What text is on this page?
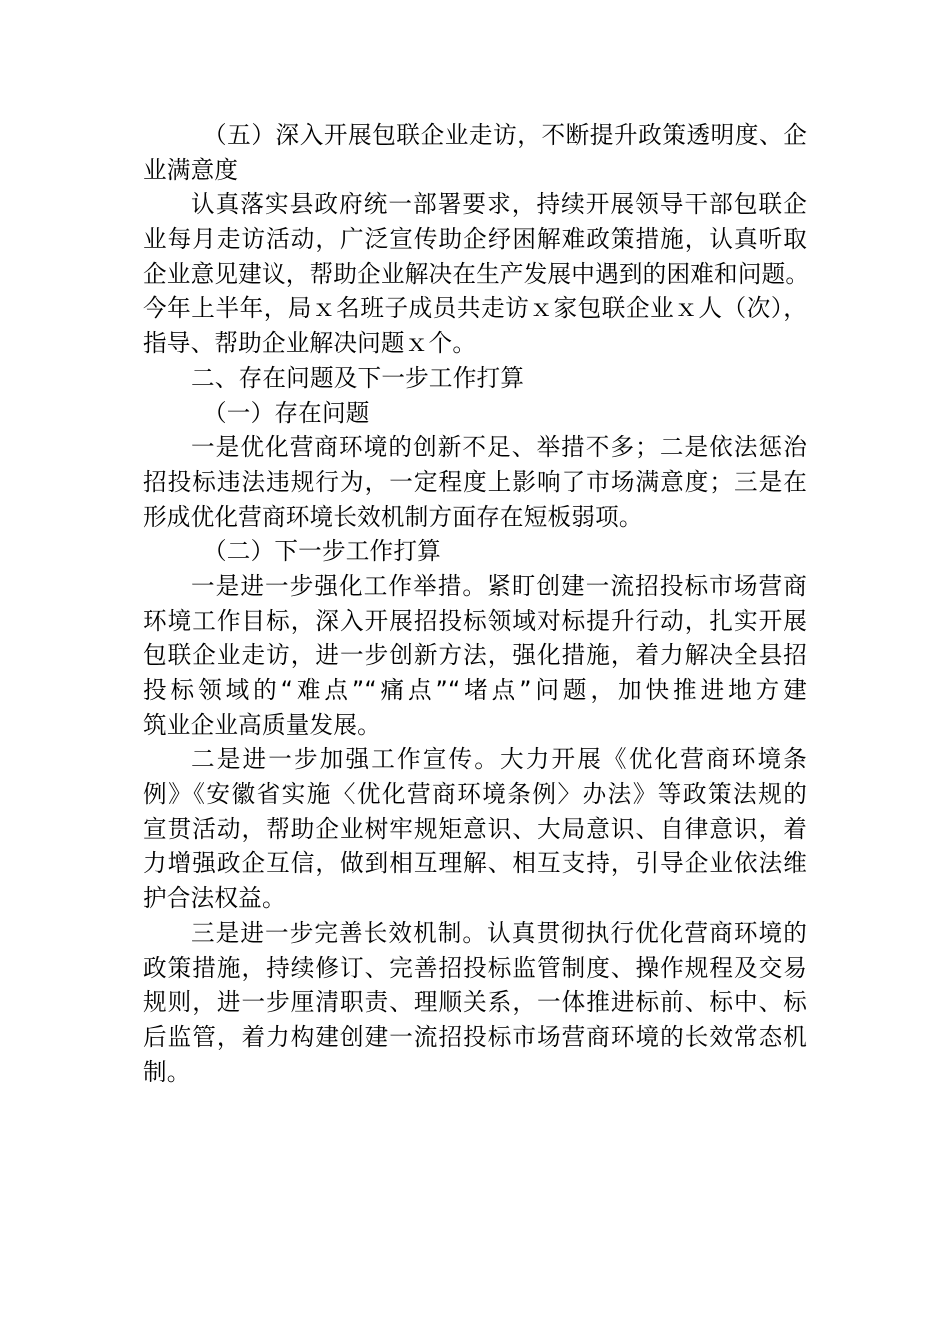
（五）深入开展包联企业走访，不断提升政策透明度、企
业满意度
认真落实县政府统一部署要求，持续开展领导干部包联企
业每月走访活动，广泛宣传助企纾困解难政策措施，认真听取
企业意见建议，帮助企业解决在生产发展中遇到的困难和问题。
今年上半年，局ｘ名班子成员共走访ｘ家包联企业ｘ人（次），
指导、帮助企业解决问题ｘ个。
二、存在问题及下一步工作打算
（一）存在问题
一是优化营商环境的创新不足、举措不多；二是依法惩治
招投标违法违规行为，一定程度上影响了市场满意度；三是在
形成优化营商环境长效机制方面存在短板弱项。
（二）下一步工作打算
一是进一步强化工作举措。紧盯创建一流招投标市场营商
环境工作目标，深入开展招投标领域对标提升行动，扎实开展
包联企业走访，进一步创新方法，强化措施，着力解决全县招
投标领域的“难点”“痛点”“堵点”问题，加快推进地方建
筑业企业高质量发展。
二是进一步加强工作宣传。大力开展《优化营商环境条
例》《安徽省实施〈优化营商环境条例〉办法》等政策法规的
宣贯活动，帮助企业树牢规矩意识、大局意识、自律意识，着
力增强政企互信，做到相互理解、相互支持，引导企业依法维
护合法权益。
三是进一步完善长效机制。认真贯彻执行优化营商环境的
政策措施，持续修订、完善招投标监管制度、操作规程及交易
规则，进一步厘清职责、理顺关系，一体推进标前、标中、标
后监管，着力构建创建一流招投标市场营商环境的长效常态机
制。
